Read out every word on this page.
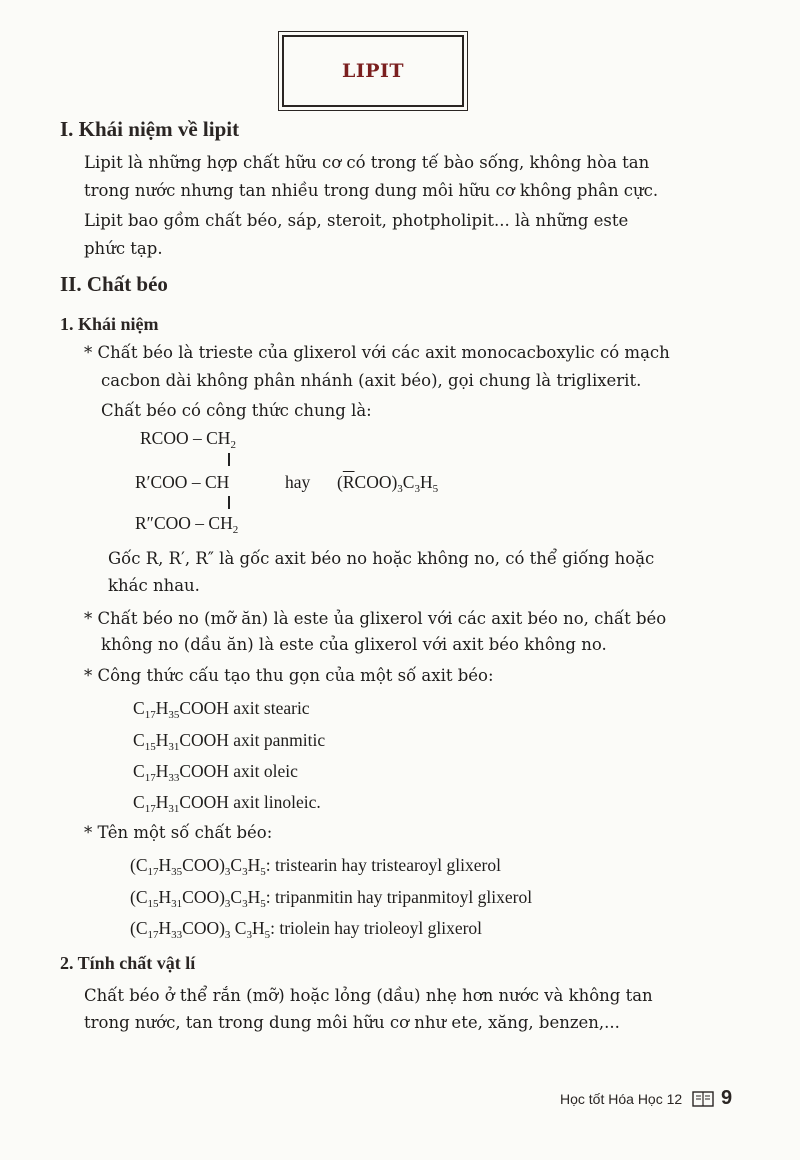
LIPIT
I. Khái niệm về lipit
Lipit là những hợp chất hữu cơ có trong tế bào sống, không hòa tan
trong nước nhưng tan nhiều trong dung môi hữu cơ không phân cực.
Lipit bao gồm chất béo, sáp, steroit, photpholipit... là những este
phức tạp.
II. Chất béo
1. Khái niệm
* Chất béo là trieste của glixerol với các axit monocacboxylic có mạch
cacbon dài không phân nhánh (axit béo), gọi chung là triglixerit.
Chất béo có công thức chung là:
RCOO – $CH_2$
R′COO – CH	hay $(\overline{R}COO)_3C_3H_5$
$R''COO - CH_2$
Gốc R, R′, R″ là gốc axit béo no hoặc không no, có thể giống hoặc
khác nhau.
* Chất béo no (mỡ ăn) là este ủa glixerol với các axit béo no, chất béo
không no (dầu ăn) là este của glixerol với axit béo không no.
* Công thức cấu tạo thu gọn của một số axit béo:
$C_{17}H_{35}COOH$ axit stearic
$C_{15}H_{31}COOH$ axit panmitic
$C_{17}H_{33}COOH$ axit oleic
$C_{17}H_{31}COOH$ axit linoleic.
* Tên một số chất béo:
$(C_{17}H_{35}COO)_3C_3H_5$: tristearin hay tristearoyl glixerol
$(C_{15}H_{31}COO)_3C_3H_5$: tripanmitin hay tripanmitoyl glixerol
$(C_{17}H_{33}COO)_3$ $C_3H_5$: triolein hay trioleoyl glixerol
2. Tính chất vật lí
Chất béo ở thể rắn (mỡ) hoặc lỏng (dầu) nhẹ hơn nước và không tan
trong nước, tan trong dung môi hữu cơ như ete, xăng, benzen,...
Học tốt Hóa Học 12 9
